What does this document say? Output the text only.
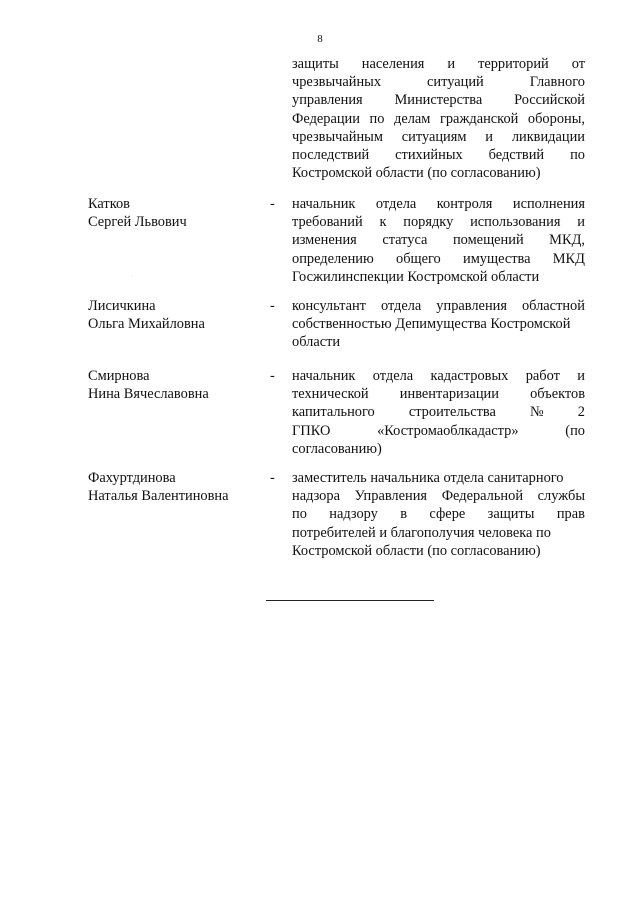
8
защиты населения и территорий от
чрезвычайных	ситуаций	Главного
управления Министерства Российской
Федерации по делам гражданской обороны,
чрезвычайным ситуациям и ликвидации
последствий стихийных бедствий по
Костромской области (по согласованию)
Катков
Сергей Львович
- начальник отдела контроля исполнения
требований к порядку использования и
изменения статуса помещений МКД,
определению общего имущества МКД
Госжилинспекции Костромской области
Лисичкина
Ольга Михайловна
- консультант отдела управления областной
собственностью Депимущества Костромской
области
Смирнова
Нина Вячеславовна
- начальник отдела кадастровых работ и
технической инвентаризации объектов
капитального строительства № 2
ГПКО	«Костромаоблкадастр»	(по
согласованию)
Фахуртдинова
Наталья Валентиновна
- заместитель начальника отдела санитарного
надзора Управления Федеральной службы
по надзору в сфере защиты прав
потребителей и благополучия человека по
Костромской области (по согласованию)
·
